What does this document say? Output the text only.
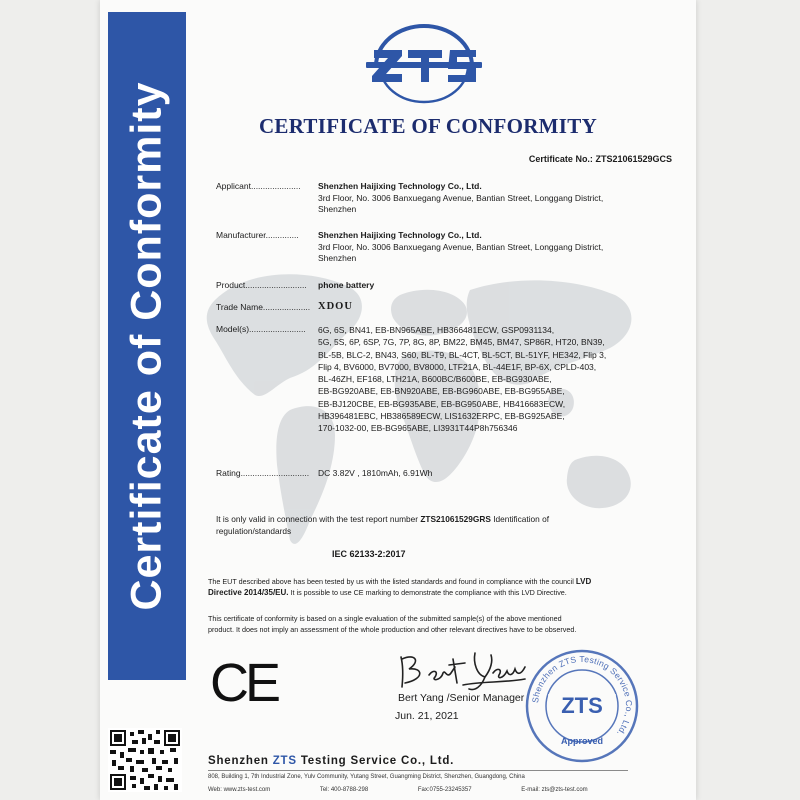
Certificate of Conformity	CERTIFICATE OF CONFORMITY
Certificate No.: ZTS21061529GCS
Applicant.....................	Shenzhen Haijixing Technology Co., Ltd.
3rd Floor, No. 3006 Banxuegang Avenue, Bantian Street, Longgang District,
Shenzhen
Manufacturer..............	Shenzhen Haijixing Technology Co., Ltd.
3rd Floor, No. 3006 Banxuegang Avenue, Bantian Street, Longgang District,
Shenzhen
Product..........................	phone battery
Trade Name.................... XDOU
Model(s)........................	6G, 6S, BN41, EB-BN965ABE, HB366481ECW, GSP0931134,
5G, 5S, 6P, 6SP, 7G, 7P, 8G, 8P, BM22, BM45, BM47, SP86R, HT20, BN39,
BL-5B, BLC-2, BN43, S60, BL-T9, BL-4CT, BL-5CT, BL-51YF, HE342, Flip 3,
Flip 4, BV6000, BV7000, BV8000, LTF21A, BL-44E1F, BP-6X, CPLD-403,
BL-46ZH, EF168, LTH21A, B600BC/B600BE, EB-BG930ABE,
EB-BG920ABE, EB-BN920ABE, EB-BG960ABE, EB-BG955ABE,
EB-BJ120CBE, EB-BG935ABE, EB-BG950ABE, HB416683ECW,
HB396481EBC, HB386589ECW, LIS1632ERPC, EB-BG925ABE,
170-1032-00, EB-BG965ABE, LI3931T44P8h756346
Rating.............................	DC 3.82V , 1810mAh, 6.91Wh
It is only valid in connection with the test report number ZTS21061529GRS Identification of
regulation/standards
IEC 62133-2:2017
The EUT described above has been tested by us with the listed standards and found in compliance with the council LVD
Directive 2014/35/EU. It is possible to use CE marking to demonstrate the compliance with this LVD Directive.
This certificate of conformity is based on a single evaluation of the submitted sample(s) of the above mentioned
product. It does not imply an assessment of the whole production and other relevant directives have to be observed.
CE	Bert Yang /Senior Manager
Jun. 21, 2021
Shenzhen ZTS Testing Service Co., Ltd.
ZTS
Approved
Shenzhen ZTS Testing Service Co., Ltd.
808, Building 1, 7th Industrial Zone, Yulv Community, Yutang Street, Guangming District, Shenzhen, Guangdong, China
Web: www.zts-test.com	Tel: 400-8788-298	Fax:0755-23245357	E-mail: zts@zts-test.com
